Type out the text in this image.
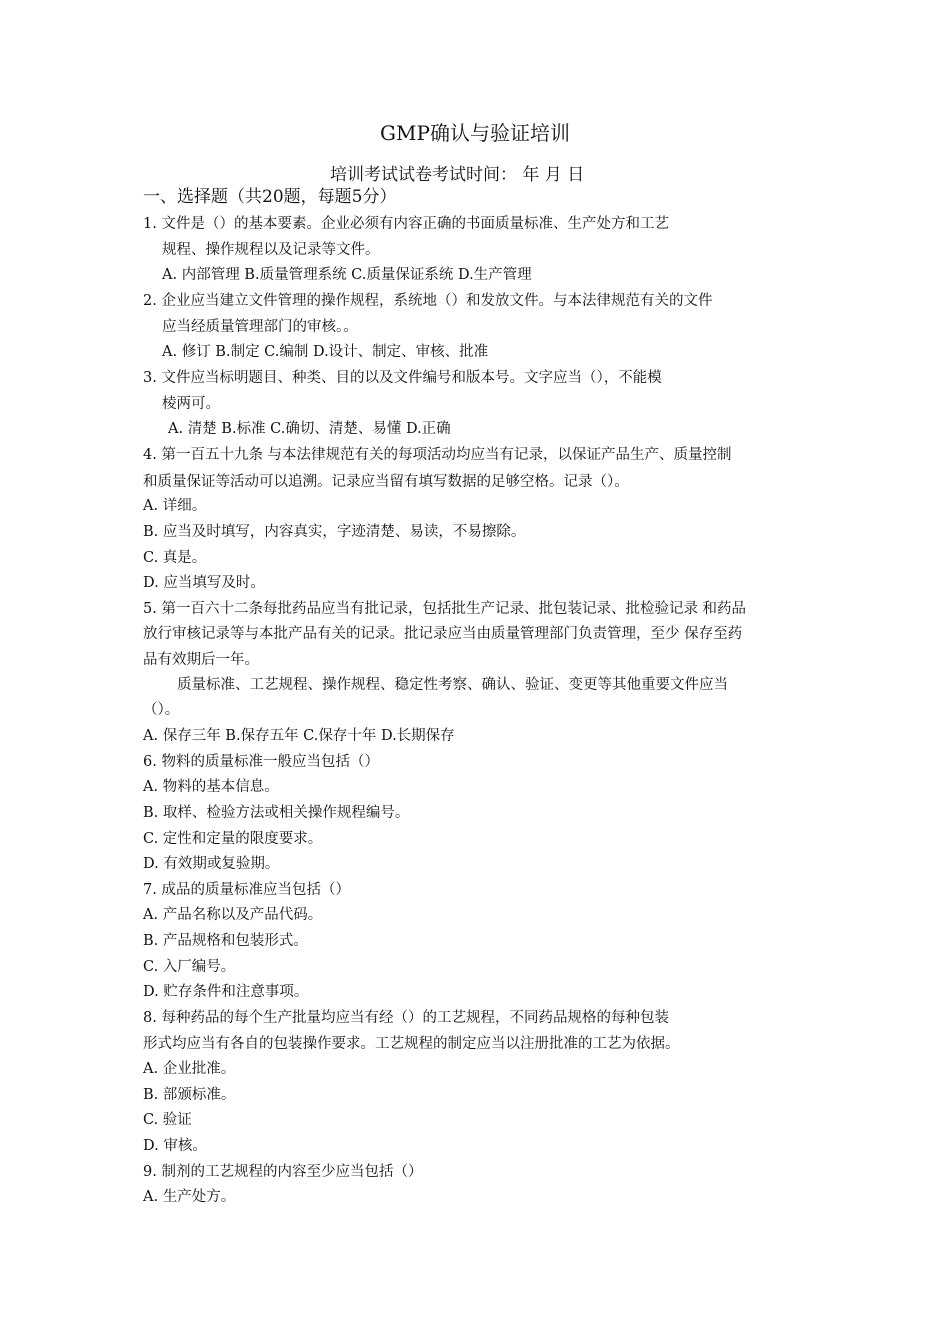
GMP确认与验证培训
培训考试试卷考试时间： 年 月 日
一、选择题（共20题，每题5分）
1. 文件是（）的基本要素。企业必须有内容正确的书面质量标准、生产处方和工艺
规程、操作规程以及记录等文件。
A. 内部管理 B.质量管理系统 C.质量保证系统 D.生产管理
2. 企业应当建立文件管理的操作规程，系统地（）和发放文件。与本法律规范有关的文件
应当经质量管理部门的审核。。
A. 修订 B.制定 C.编制 D.设计、制定、审核、批准
3. 文件应当标明题目、种类、目的以及文件编号和版本号。文字应当（），不能模
棱两可。
A. 清楚 B.标准 C.确切、清楚、易懂 D.正确
4. 第一百五十九条 与本法律规范有关的每项活动均应当有记录，以保证产品生产、质量控制
和质量保证等活动可以追溯。记录应当留有填写数据的足够空格。记录（）。
A. 详细。
B. 应当及时填写，内容真实，字迹清楚、易读，不易擦除。
C. 真是。
D. 应当填写及时。
5. 第一百六十二条每批药品应当有批记录，包括批生产记录、批包装记录、批检验记录 和药品
放行审核记录等与本批产品有关的记录。批记录应当由质量管理部门负责管理，至少 保存至药
品有效期后一年。
质量标准、工艺规程、操作规程、稳定性考察、确认、验证、变更等其他重要文件应当
（）。
A. 保存三年 B.保存五年 C.保存十年 D.长期保存
6. 物料的质量标准一般应当包括（）
A. 物料的基本信息。
B. 取样、检验方法或相关操作规程编号。
C. 定性和定量的限度要求。
D. 有效期或复验期。
7. 成品的质量标准应当包括（）
A. 产品名称以及产品代码。
B. 产品规格和包装形式。
C. 入厂编号。
D. 贮存条件和注意事项。
8. 每种药品的每个生产批量均应当有经（）的工艺规程，不同药品规格的每种包装
形式均应当有各自的包装操作要求。工艺规程的制定应当以注册批准的工艺为依据。
A. 企业批准。
B. 部颁标准。
C. 验证
D. 审核。
9. 制剂的工艺规程的内容至少应当包括（）
A. 生产处方。
